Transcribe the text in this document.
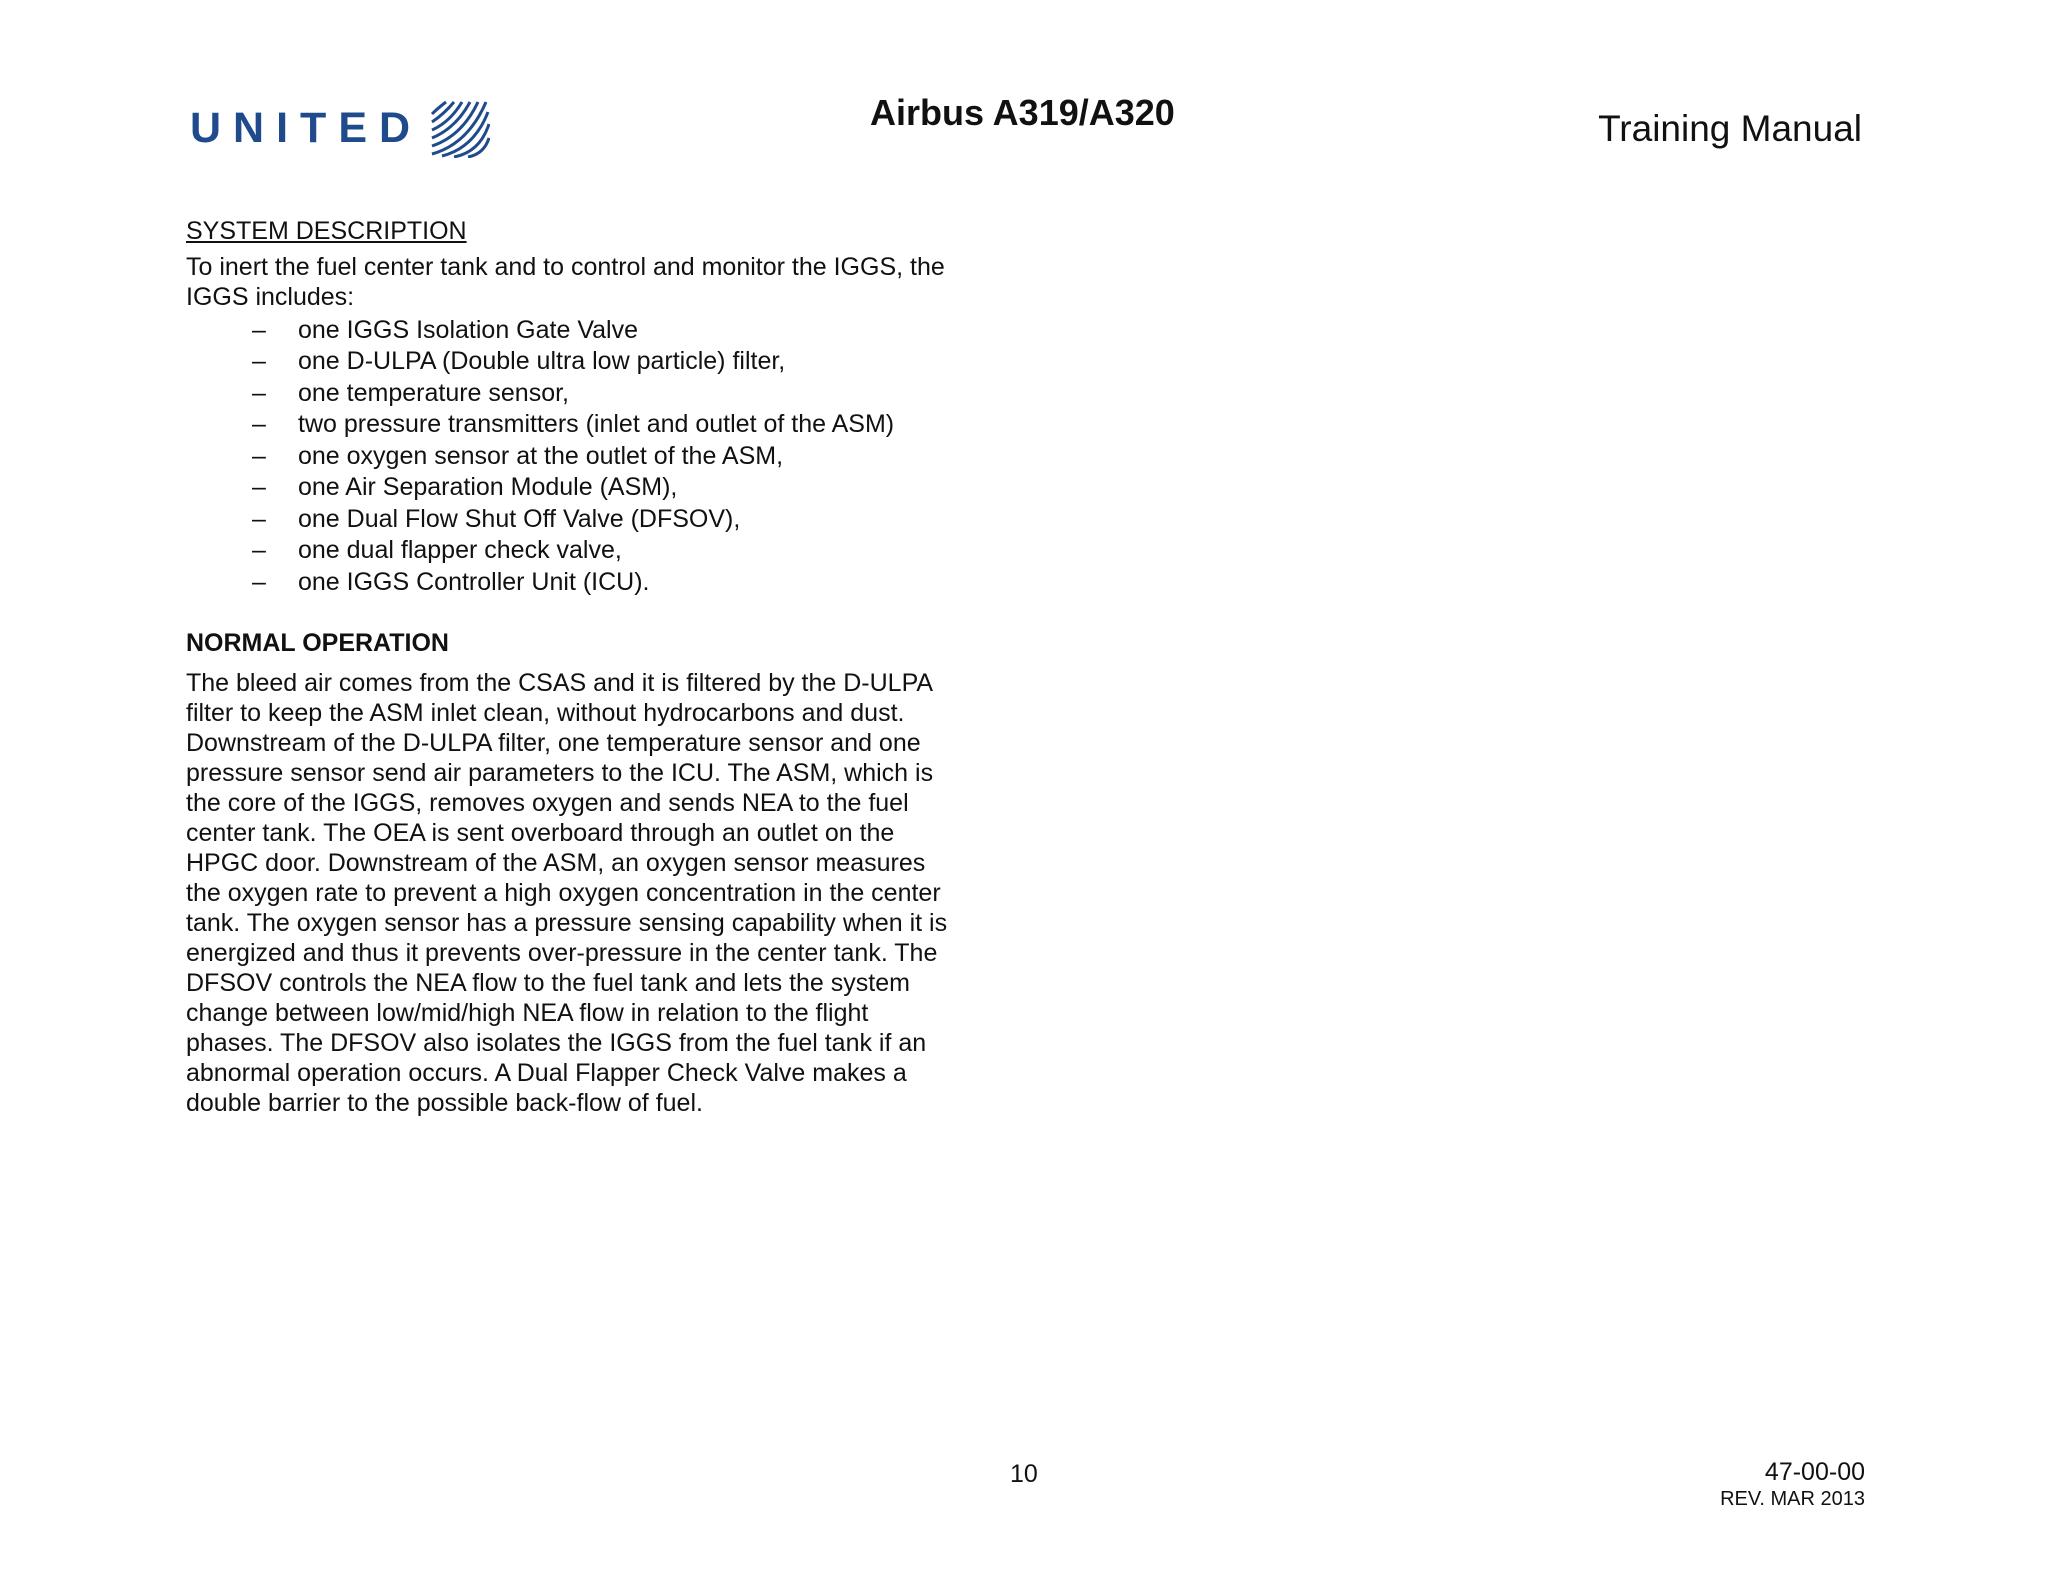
UNITED	Airbus A319/A320	Training Manual
SYSTEM DESCRIPTION

To inert the fuel center tank and to control and monitor the IGGS, the IGGS includes:

–	one IGGS Isolation Gate Valve
–	one D-ULPA (Double ultra low particle) filter,
–	one temperature sensor,
–	two pressure transmitters (inlet and outlet of the ASM)
–	one oxygen sensor at the outlet of the ASM,
–	one Air Separation Module (ASM),
–	one Dual Flow Shut Off Valve (DFSOV),
–	one dual flapper check valve,
–	one IGGS Controller Unit (ICU).
NORMAL OPERATION
The bleed air comes from the CSAS and it is filtered by the D-ULPA
filter to keep the ASM inlet clean, without hydrocarbons and dust.
Downstream of the D-ULPA filter, one temperature sensor and one
pressure sensor send air parameters to the ICU. The ASM, which is
the core of the IGGS, removes oxygen and sends NEA to the fuel
center tank. The OEA is sent overboard through an outlet on the
HPGC door. Downstream of the ASM, an oxygen sensor measures
the oxygen rate to prevent a high oxygen concentration in the center
tank. The oxygen sensor has a pressure sensing capability when it is
energized and thus it prevents over-pressure in the center tank. The
DFSOV controls the NEA flow to the fuel tank and lets the system
change between low/mid/high NEA flow in relation to the flight
phases. The DFSOV also isolates the IGGS from the fuel tank if an
abnormal operation occurs. A Dual Flapper Check Valve makes a
double barrier to the possible back-flow of fuel.
10	47-00-00
REV. MAR 2013
